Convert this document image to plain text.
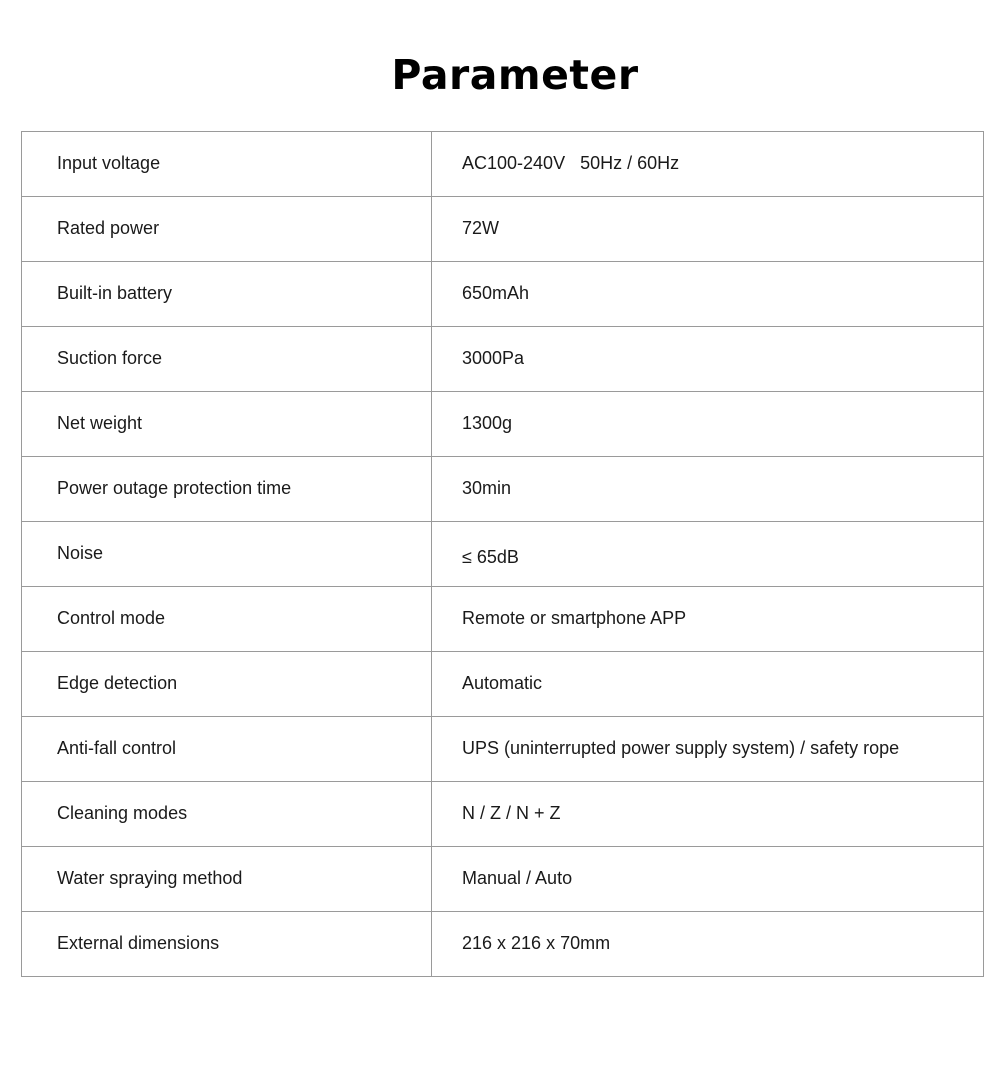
Parameter
Input voltage	AC100-240V   50Hz / 60Hz
Rated power	72W
Built-in battery	650mAh
Suction force	3000Pa
Net weight	1300g
Power outage protection time	30min
Noise	≤ 65dB
Control mode	Remote or smartphone APP
Edge detection	Automatic
Anti-fall control	UPS (uninterrupted power supply system) / safety rope
Cleaning modes	N / Z / N + Z
Water spraying method	Manual / Auto
External dimensions	216 x 216 x 70mm
